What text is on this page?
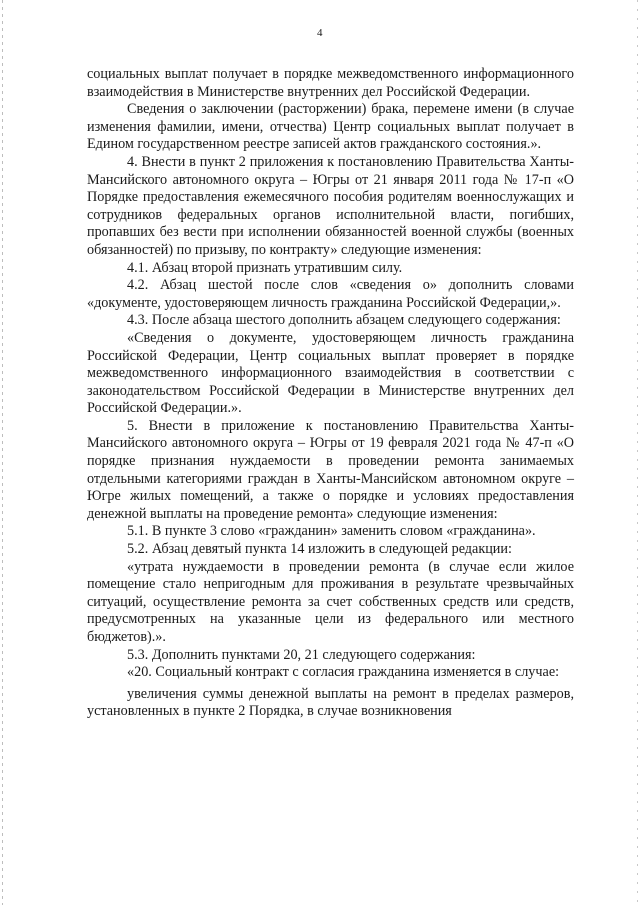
4

социальных выплат получает в порядке межведомственного информационного взаимодействия в Министерстве внутренних дел Российской Федерации.

Сведения о заключении (расторжении) брака, перемене имени (в случае изменения фамилии, имени, отчества) Центр социальных выплат получает в Едином государственном реестре записей актов гражданского состояния.».

4. Внести в пункт 2 приложения к постановлению Правительства Ханты-Мансийского автономного округа – Югры от 21 января 2011 года № 17-п «О Порядке предоставления ежемесячного пособия родителям военнослужащих и сотрудников федеральных органов исполнительной власти, погибших, пропавших без вести при исполнении обязанностей военной службы (военных обязанностей) по призыву, по контракту» следующие изменения:

4.1. Абзац второй признать утратившим силу.

4.2. Абзац шестой после слов «сведения о» дополнить словами «документе, удостоверяющем личность гражданина Российской Федерации,».

4.3. После абзаца шестого дополнить абзацем следующего содержания:

«Сведения о документе, удостоверяющем личность гражданина Российской Федерации, Центр социальных выплат проверяет в порядке межведомственного информационного взаимодействия в соответствии с законодательством Российской Федерации в Министерстве внутренних дел Российской Федерации.».

5. Внести в приложение к постановлению Правительства Ханты-Мансийского автономного округа – Югры от 19 февраля 2021 года № 47-п «О порядке признания нуждаемости в проведении ремонта занимаемых отдельными категориями граждан в Ханты-Мансийском автономном округе – Югре жилых помещений, а также о порядке и условиях предоставления денежной выплаты на проведение ремонта» следующие изменения:

5.1. В пункте 3 слово «гражданин» заменить словом «гражданина».

5.2. Абзац девятый пункта 14 изложить в следующей редакции:

«утрата нуждаемости в проведении ремонта (в случае если жилое помещение стало непригодным для проживания в результате чрезвычайных ситуаций, осуществление ремонта за счет собственных средств или средств, предусмотренных на указанные цели из федерального или местного бюджетов).».

5.3. Дополнить пунктами 20, 21 следующего содержания:

«20. Социальный контракт с согласия гражданина изменяется в случае:

увеличения суммы денежной выплаты на ремонт в пределах размеров, установленных в пункте 2 Порядка, в случае возникновения
